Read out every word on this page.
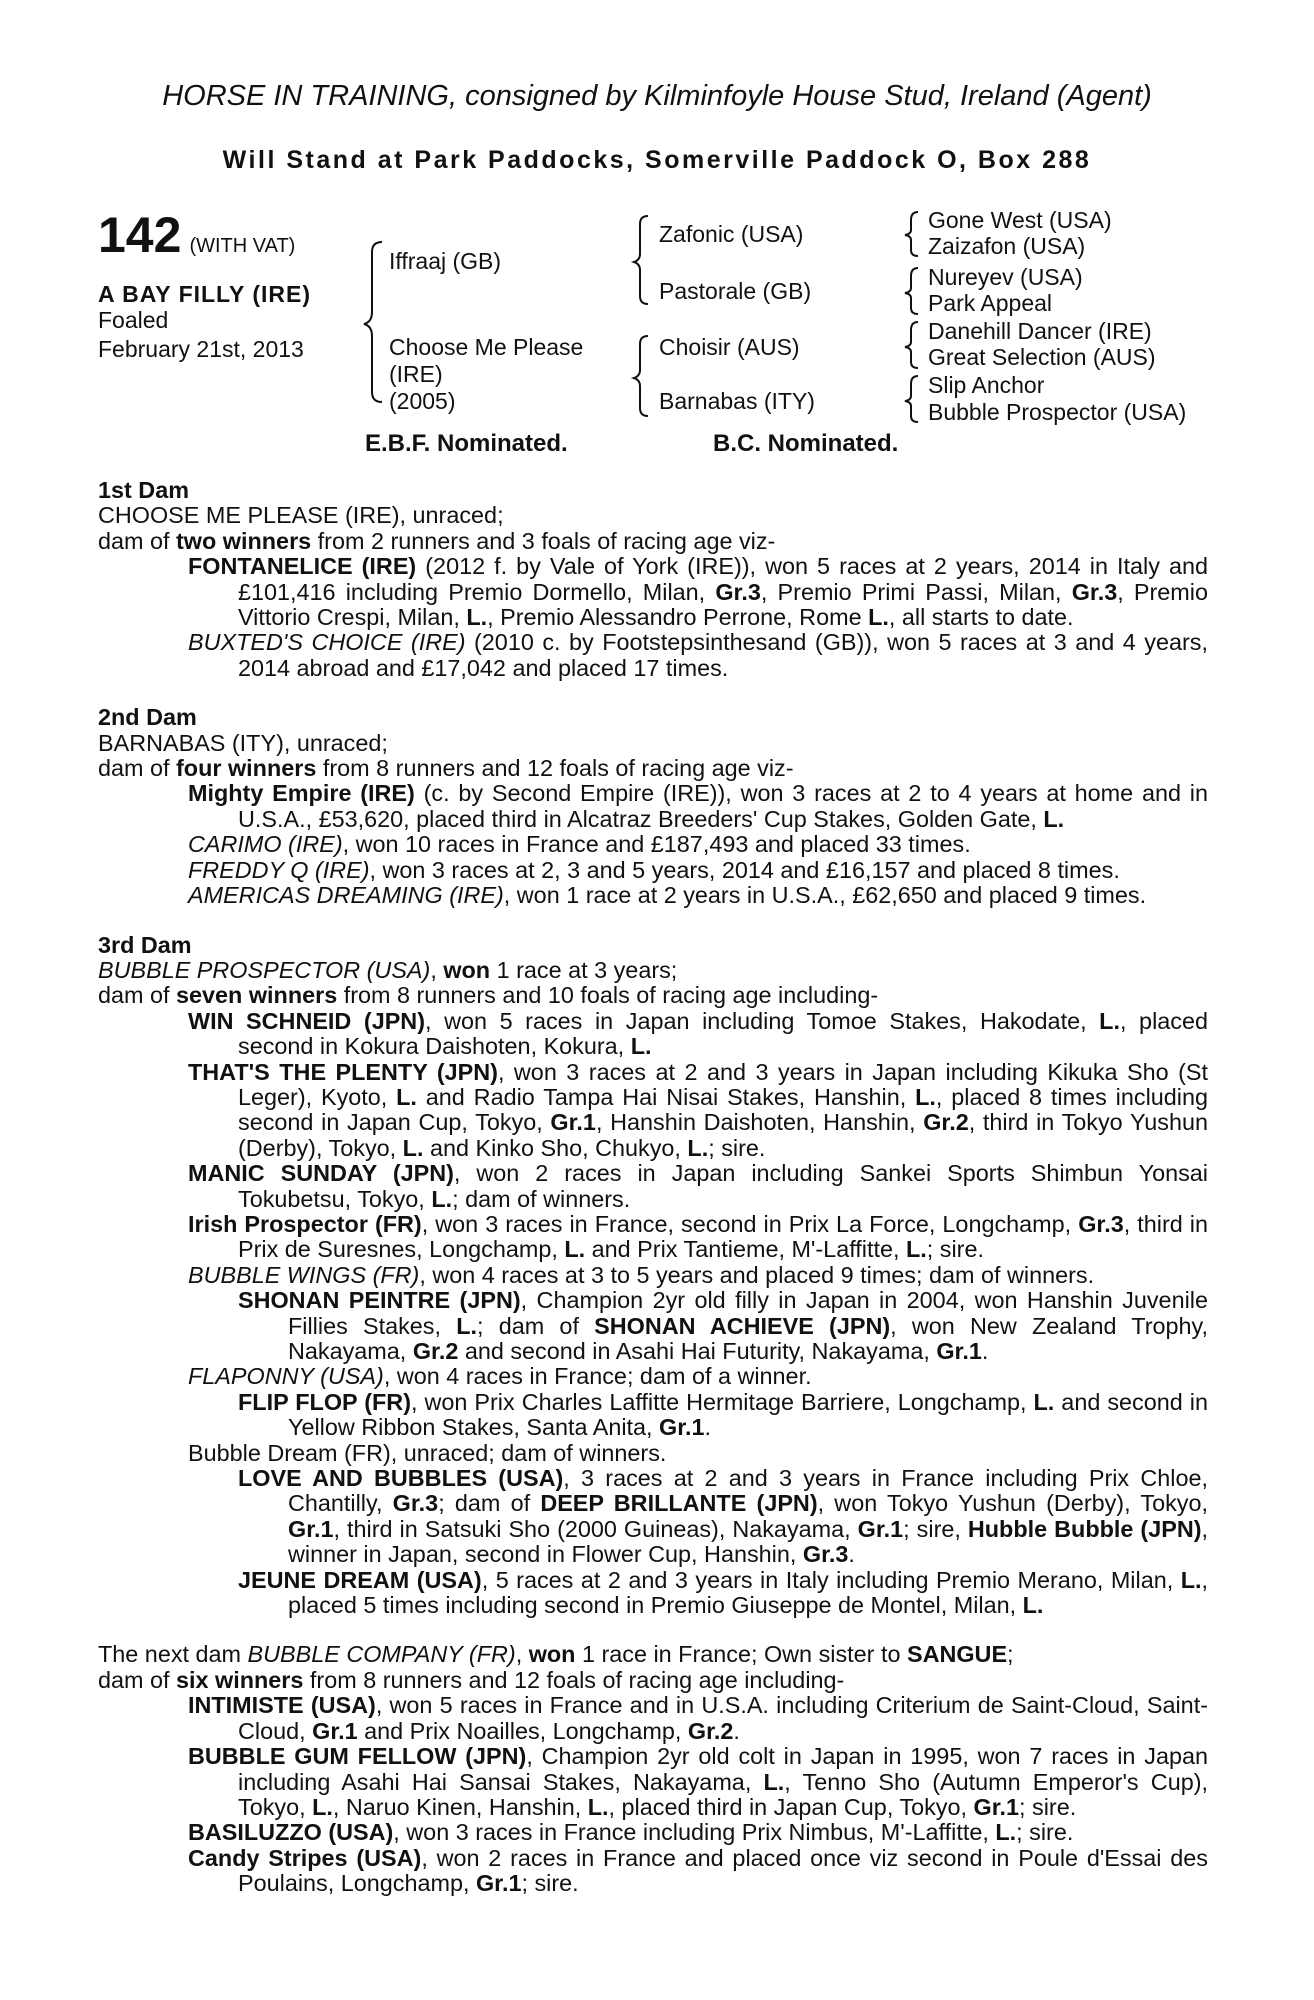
HORSE IN TRAINING, consigned by Kilminfoyle House Stud, Ireland (Agent)
Will Stand at Park Paddocks, Somerville Paddock O, Box 288
142 (WITH VAT)
A BAY FILLY (IRE)
Foaled
February 21st, 2013
Iffraaj (GB)
Choose Me Please
(IRE)
(2005)
Zafonic (USA)
Pastorale (GB)
Choisir (AUS)
Barnabas (ITY)
Gone West (USA)
Zaizafon (USA)
Nureyev (USA)
Park Appeal
Danehill Dancer (IRE)
Great Selection (AUS)
Slip Anchor
Bubble Prospector (USA)
E.B.F. Nominated.	B.C. Nominated.
1st Dam
CHOOSE ME PLEASE (IRE), unraced;
dam of two winners from 2 runners and 3 foals of racing age viz-
FONTANELICE (IRE) (2012 f. by Vale of York (IRE)), won 5 races at 2 years, 2014 in Italy and £101,416 including Premio Dormello, Milan, Gr.3, Premio Primi Passi, Milan, Gr.3, Premio Vittorio Crespi, Milan, L., Premio Alessandro Perrone, Rome L., all starts to date.
BUXTED'S CHOICE (IRE) (2010 c. by Footstepsinthesand (GB)), won 5 races at 3 and 4 years, 2014 abroad and £17,042 and placed 17 times.
2nd Dam
BARNABAS (ITY), unraced;
dam of four winners from 8 runners and 12 foals of racing age viz-
Mighty Empire (IRE) (c. by Second Empire (IRE)), won 3 races at 2 to 4 years at home and in U.S.A., £53,620, placed third in Alcatraz Breeders' Cup Stakes, Golden Gate, L.
CARIMO (IRE), won 10 races in France and £187,493 and placed 33 times.
FREDDY Q (IRE), won 3 races at 2, 3 and 5 years, 2014 and £16,157 and placed 8 times.
AMERICAS DREAMING (IRE), won 1 race at 2 years in U.S.A., £62,650 and placed 9 times.
3rd Dam
BUBBLE PROSPECTOR (USA), won 1 race at 3 years;
dam of seven winners from 8 runners and 10 foals of racing age including-
WIN SCHNEID (JPN), won 5 races in Japan including Tomoe Stakes, Hakodate, L., placed second in Kokura Daishoten, Kokura, L.
THAT'S THE PLENTY (JPN), won 3 races at 2 and 3 years in Japan including Kikuka Sho (St Leger), Kyoto, L. and Radio Tampa Hai Nisai Stakes, Hanshin, L., placed 8 times including second in Japan Cup, Tokyo, Gr.1, Hanshin Daishoten, Hanshin, Gr.2, third in Tokyo Yushun (Derby), Tokyo, L. and Kinko Sho, Chukyo, L.; sire.
MANIC SUNDAY (JPN), won 2 races in Japan including Sankei Sports Shimbun Yonsai Tokubetsu, Tokyo, L.; dam of winners.
Irish Prospector (FR), won 3 races in France, second in Prix La Force, Longchamp, Gr.3, third in Prix de Suresnes, Longchamp, L. and Prix Tantieme, M'-Laffitte, L.; sire.
BUBBLE WINGS (FR), won 4 races at 3 to 5 years and placed 9 times; dam of winners.
SHONAN PEINTRE (JPN), Champion 2yr old filly in Japan in 2004, won Hanshin Juvenile Fillies Stakes, L.; dam of SHONAN ACHIEVE (JPN), won New Zealand Trophy, Nakayama, Gr.2 and second in Asahi Hai Futurity, Nakayama, Gr.1.
FLAPONNY (USA), won 4 races in France; dam of a winner.
FLIP FLOP (FR), won Prix Charles Laffitte Hermitage Barriere, Longchamp, L. and second in Yellow Ribbon Stakes, Santa Anita, Gr.1.
Bubble Dream (FR), unraced; dam of winners.
LOVE AND BUBBLES (USA), 3 races at 2 and 3 years in France including Prix Chloe, Chantilly, Gr.3; dam of DEEP BRILLANTE (JPN), won Tokyo Yushun (Derby), Tokyo, Gr.1, third in Satsuki Sho (2000 Guineas), Nakayama, Gr.1; sire, Hubble Bubble (JPN), winner in Japan, second in Flower Cup, Hanshin, Gr.3.
JEUNE DREAM (USA), 5 races at 2 and 3 years in Italy including Premio Merano, Milan, L., placed 5 times including second in Premio Giuseppe de Montel, Milan, L.
The next dam BUBBLE COMPANY (FR), won 1 race in France; Own sister to SANGUE;
dam of six winners from 8 runners and 12 foals of racing age including-
INTIMISTE (USA), won 5 races in France and in U.S.A. including Criterium de Saint-Cloud, Saint-Cloud, Gr.1 and Prix Noailles, Longchamp, Gr.2.
BUBBLE GUM FELLOW (JPN), Champion 2yr old colt in Japan in 1995, won 7 races in Japan including Asahi Hai Sansai Stakes, Nakayama, L., Tenno Sho (Autumn Emperor's Cup), Tokyo, L., Naruo Kinen, Hanshin, L., placed third in Japan Cup, Tokyo, Gr.1; sire.
BASILUZZO (USA), won 3 races in France including Prix Nimbus, M'-Laffitte, L.; sire.
Candy Stripes (USA), won 2 races in France and placed once viz second in Poule d'Essai des Poulains, Longchamp, Gr.1; sire.
